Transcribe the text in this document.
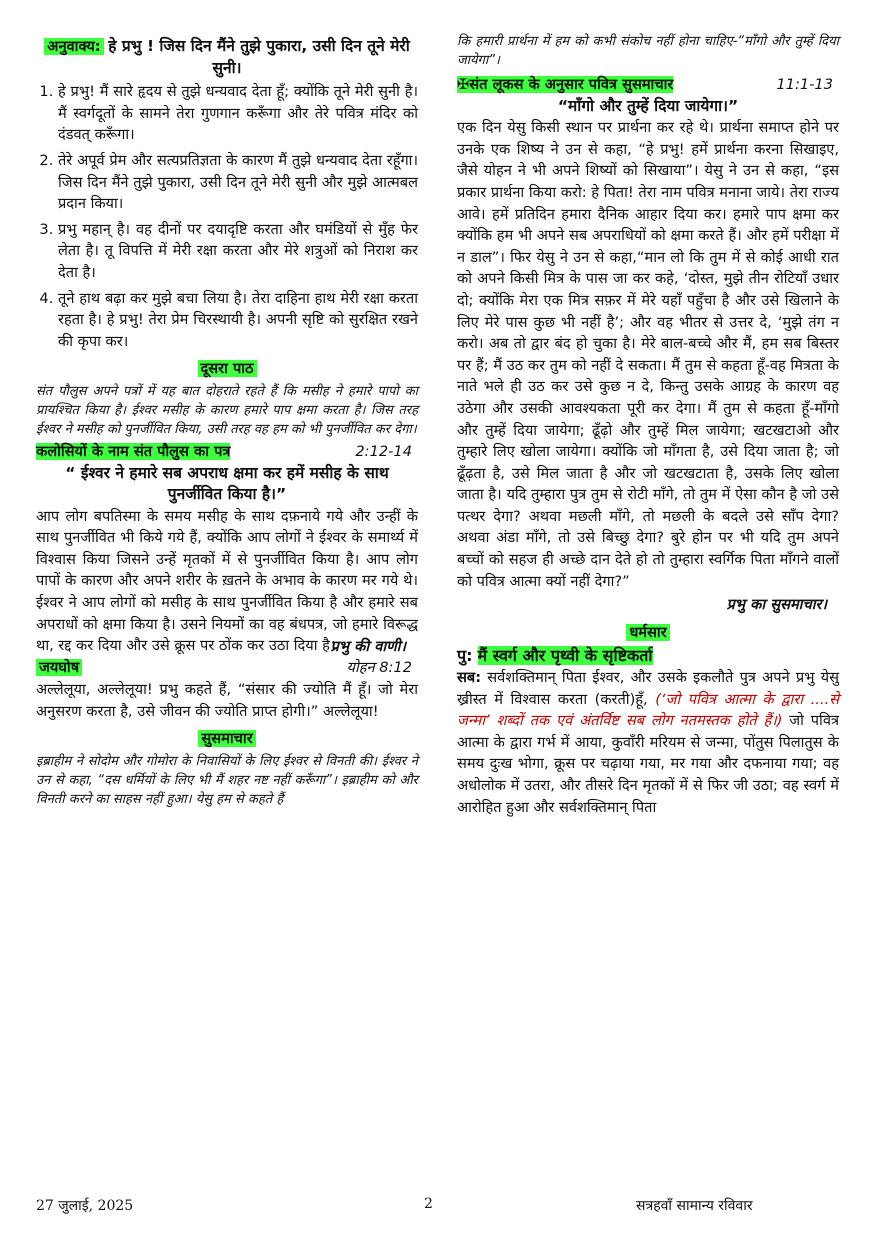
अनुवाक्य: हे प्रभु ! जिस दिन मैंने तुझे पुकारा, उसी दिन तूने मेरी सुनी।

1. हे प्रभु! मैं सारे हृदय से तुझे धन्यवाद देता हूँ; क्योंकि तूने मेरी सुनी है। मैं स्वर्गदूतों के सामने तेरा गुणगान करूँगा और तेरे पवित्र मंदिर को दंडवत् करूँगा।
2. तेरे अपूर्व प्रेम और सत्यप्रतिज्ञता के कारण मैं तुझे धन्यवाद देता रहूँगा। जिस दिन मैंने तुझे पुकारा, उसी दिन तूने मेरी सुनी और मुझे आत्मबल प्रदान किया।
3. प्रभु महान् है। वह दीनों पर दयादृष्टि करता और घमंडियों से मुँह फेर लेता है। तू विपत्ति में मेरी रक्षा करता और मेरे शत्रुओं को निराश कर देता है।
4. तूने हाथ बढ़ा कर मुझे बचा लिया है। तेरा दाहिना हाथ मेरी रक्षा करता रहता है। हे प्रभु! तेरा प्रेम चिरस्थायी है। अपनी सृष्टि को सुरक्षित रखने की कृपा कर।
दूसरा पाठ

संत पौलुस अपने पत्रों में यह बात दोहराते रहते हैं कि मसीह ने हमारे पापो का प्रायश्चित किया है। ईश्वर मसीह के कारण हमारे पाप क्षमा करता है। जिस तरह ईश्वर ने मसीह को पुनर्जीवित किया, उसी तरह वह हम को भी पुनर्जीवित कर देगा।

कलोसियों के नाम संत पौलुस का पत्र	2:12-14

“ ईश्वर ने हमारे सब अपराध क्षमा कर हमें मसीह के साथ पुनर्जीवित किया है।”

आप लोग बपतिस्मा के समय मसीह के साथ दफ़नाये गये और उन्हीं के साथ पुनर्जीवित भी किये गये हैं, क्योंकि आप लोगों ने ईश्वर के समार्थ्य में विश्वास किया जिसने उन्हें मृतकों में से पुनर्जीवित किया है। आप लोग पापों के कारण और अपने शरीर के ख़तने के अभाव के कारण मर गये थे। ईश्वर ने आप लोगों को मसीह के साथ पुनर्जीवित किया है और हमारे सब अपराधों को क्षमा किया है। उसने नियमों का वह बंधपत्र, जो हमारे विरूद्ध था, रद्द कर दिया और उसे क्रूस पर ठोंक कर उठा दिया है।

प्रभु की वाणी।

जयघोष	योहन 8:12

अल्लेलूया, अल्लेलूया! प्रभु कहते हैं, “संसार की ज्योति मैं हूँ। जो मेरा अनुसरण करता है, उसे जीवन की ज्योति प्राप्त होगी।” अल्लेलूया!

सुसमाचार

इब्राहीम ने सोदोम और गोमोरा के निवासियों के लिए ईश्वर से विनती की। ईश्वर ने उन से कहा, “दस धर्मियों के लिए भी मैं शहर नष्ट नहीं करूँगा”। इब्राहीम को और विनती करने का साहस नहीं हुआ। येसु हम से कहते हैं

कि हमारी प्रार्थना में हम को कभी संकोच नहीं होना चाहिए-“माँगो और तुम्हें दिया जायेगा”।

✠संत लूकस के अनुसार पवित्र सुसमाचार	11:1-13

“माँगो और तुम्हें दिया जायेगा।”

एक दिन येसु किसी स्थान पर प्रार्थना कर रहे थे। प्रार्थना समाप्त होने पर उनके एक शिष्य ने उन से कहा, “हे प्रभु! हमें प्रार्थना करना सिखाइए, जैसे योहन ने भी अपने शिष्यों को सिखाया”। येसु ने उन से कहा, “इस प्रकार प्रार्थना किया करो: हे पिता! तेरा नाम पवित्र मनाना जाये। तेरा राज्य आवे। हमें प्रतिदिन हमारा दैनिक आहार दिया कर। हमारे पाप क्षमा कर क्योंकि हम भी अपने सब अपराधियों को क्षमा करते हैं। और हमें परीक्षा में न डाल”। फिर येसु ने उन से कहा,“मान लो कि तुम में से कोई आधी रात को अपने किसी मित्र के पास जा कर कहे, ‘दोस्त, मुझे तीन रोटियाँ उधार दो; क्योंकि मेरा एक मित्र सफ़र में मेरे यहाँ पहुँचा है और उसे खिलाने के लिए मेरे पास कुछ भी नहीं है’; और वह भीतर से उत्तर दे, ‘मुझे तंग न करो। अब तो द्वार बंद हो चुका है। मेरे बाल-बच्चे और मैं, हम सब बिस्तर पर हैं; मैं उठ कर तुम को नहीं दे सकता। मैं तुम से कहता हूँ-वह मित्रता के नाते भले ही उठ कर उसे कुछ न दे, किन्तु उसके आग्रह के कारण वह उठेगा और उसकी आवश्यकता पूरी कर देगा। मैं तुम से कहता हूँ-माँगो और तुम्हें दिया जायेगा; ढूँढ़ो और तुम्हें मिल जायेगा; खटखटाओ और तुम्हारे लिए खोला जायेगा। क्योंकि जो माँगता है, उसे दिया जाता है; जो ढूँढ़ता है, उसे मिल जाता है और जो खटखटाता है, उसके लिए खोला जाता है। यदि तुम्हारा पुत्र तुम से रोटी माँगे, तो तुम में ऐसा कौन है जो उसे पत्थर देगा? अथवा मछली माँगे, तो मछली के बदले उसे साँप देगा? अथवा अंडा माँगे, तो उसे बिच्छु देगा? बुरे होन पर भी यदि तुम अपने बच्चों को सहज ही अच्छे दान देते हो तो तुम्हारा स्वर्गिक पिता माँगने वालों को पवित्र आत्मा क्यों नहीं देगा?”

प्रभु का सुसमाचार।

धर्मसार

पु: मैं स्वर्ग और पृथ्वी के सृष्टिकर्ता

सब: सर्वशक्तिमान् पिता ईश्वर, और उसके इकलौते पुत्र अपने प्रभु येसु ख्रीस्त में विश्वास करता (करती)हूँ, (‘जो पवित्र आत्मा के द्वारा ....से जन्मा’ शब्दों तक एवं अंतर्विष्ट सब लोग नतमस्तक होते हैं।) जो पवित्र आत्मा के द्वारा गर्भ में आया, कुवाँरी मरियम से जन्मा, पोंतुस पिलातुस के समय दुःख भोगा, क्रूस पर चढ़ाया गया, मर गया और दफनाया गया; वह अधोलोक में उतरा, और तीसरे दिन मृतकों में से फिर जी उठा; वह स्वर्ग में आरोहित हुआ और सर्वशक्तिमान् पिता

27 जुलाई, 2025	2	सत्रहवाँ सामान्य रविवार
